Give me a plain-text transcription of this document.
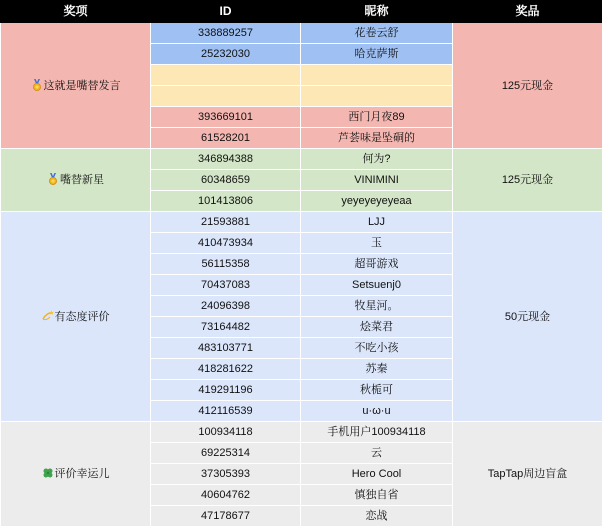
奖项	ID	昵称	奖品
这就是嘴替发言	338889257	花卷云舒	125元现金
	25232030	哈克萨斯	

	393669101	西门月夜89	
	61528201	芦荟味是坠硐的	
嘴替新星	346894388	何为?	125元现金
	60348659	VINIMINI	
	101413806	yeyeyeyeyeaa	
有态度评价	21593881	LJJ	50元现金
	410473934	玉	
	56115358	超哥游戏	
	70437083	Setsuenj0	
	24096398	牧星河。	
	73164482	烩菜君	
	483103771	不吃小孩	
	418281622	苏秦	
	419291196	秋栀可	
	412116539	u·ω·u	
评价幸运儿	100934118	手机用户100934118	TapTap周边盲盒
	69225314	云	
	37305393	Hero Cool	
	40604762	慎独自省	
	47178677	恋战	
